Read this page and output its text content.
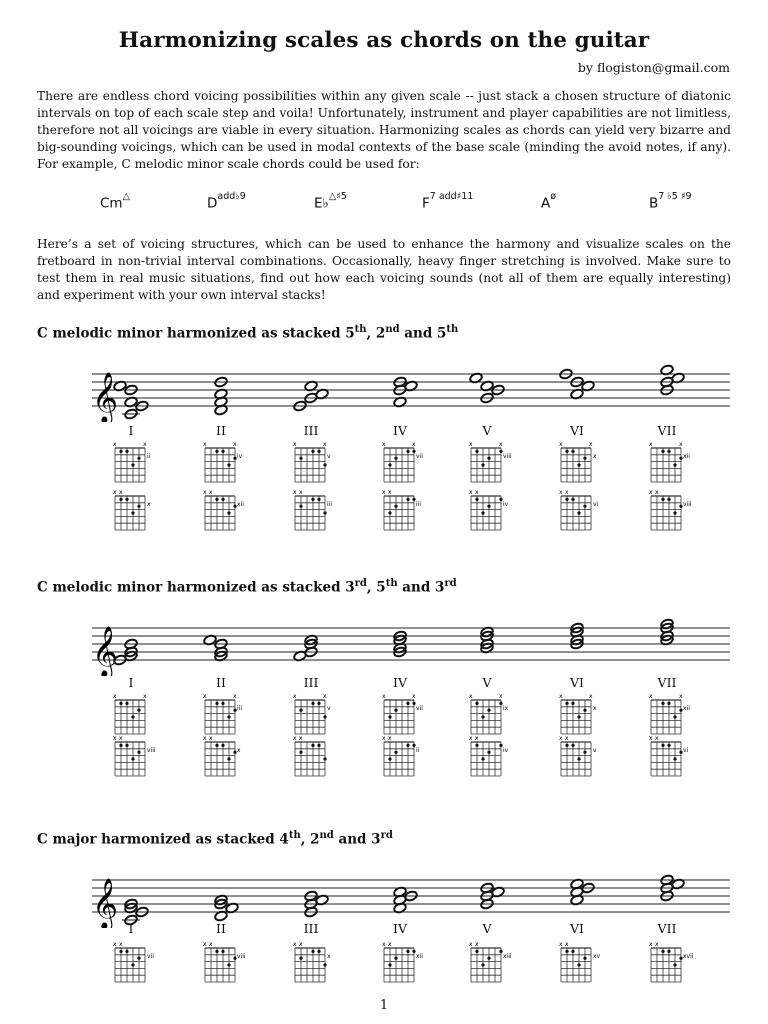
Harmonizing scales as chords on the guitar
by flogiston@gmail.com
There are endless chord voicing possibilities within any given scale -- just stack a chosen structure of diatonic intervals on top of each scale step and voila! Unfortunately, instrument and player capabilities are not limitless, therefore not all voicings are viable in every situation. Harmonizing scales as chords can yield very bizarre and big-sounding voicings, which can be used in modal contexts of the base scale (minding the avoid notes, if any). For example, C melodic minor scale chords could be used for:
Cm△	$D^{add♭9}$	E♭$^{\triangle♯5}$	$F^{7 add♯11}$	$A^ø$	$B^{7 ♭5 ♯9}$
Here’s a set of voicing structures, which can be used to enhance the harmony and visualize scales on the fretboard in non-trivial interval combinations. Occasionally, heavy finger stretching is involved. Make sure to test them in real music situations, find out how each voicing sounds (not all of them are equally interesting) and experiment with your own interval stacks!
C melodic minor harmonized as stacked 5th, 2nd and 5th
𝄞
I	II	III	IV	V	VI	VII
x	x
ii
x	x
iv
x	x
v
x	x
vii
x	x
viii
x	x
x
x	x
xii
x x
x
x x
xii
x x
iii
x x
iii
x x
iv
x x
vi
x x
viii
C melodic minor harmonized as stacked 3rd, 5th and 3rd
𝄞
I	II	III	IV	V	VI	VII
x	x	x	x
iii
x	x
v
x	x
vii
x	x
ix
x	x
x
x	x
xii
x x
viii
x x
x
x x	x x
ii
x x
iv
x x
v
x x
vi
C major harmonized as stacked 4th, 2nd and 3rd
𝄞 I	II	III	IV	V	VI	VII
x x
vii
x x
viii
x x
x
x x
xii
x x
xiii
x x
xv
x x
xvii
1
